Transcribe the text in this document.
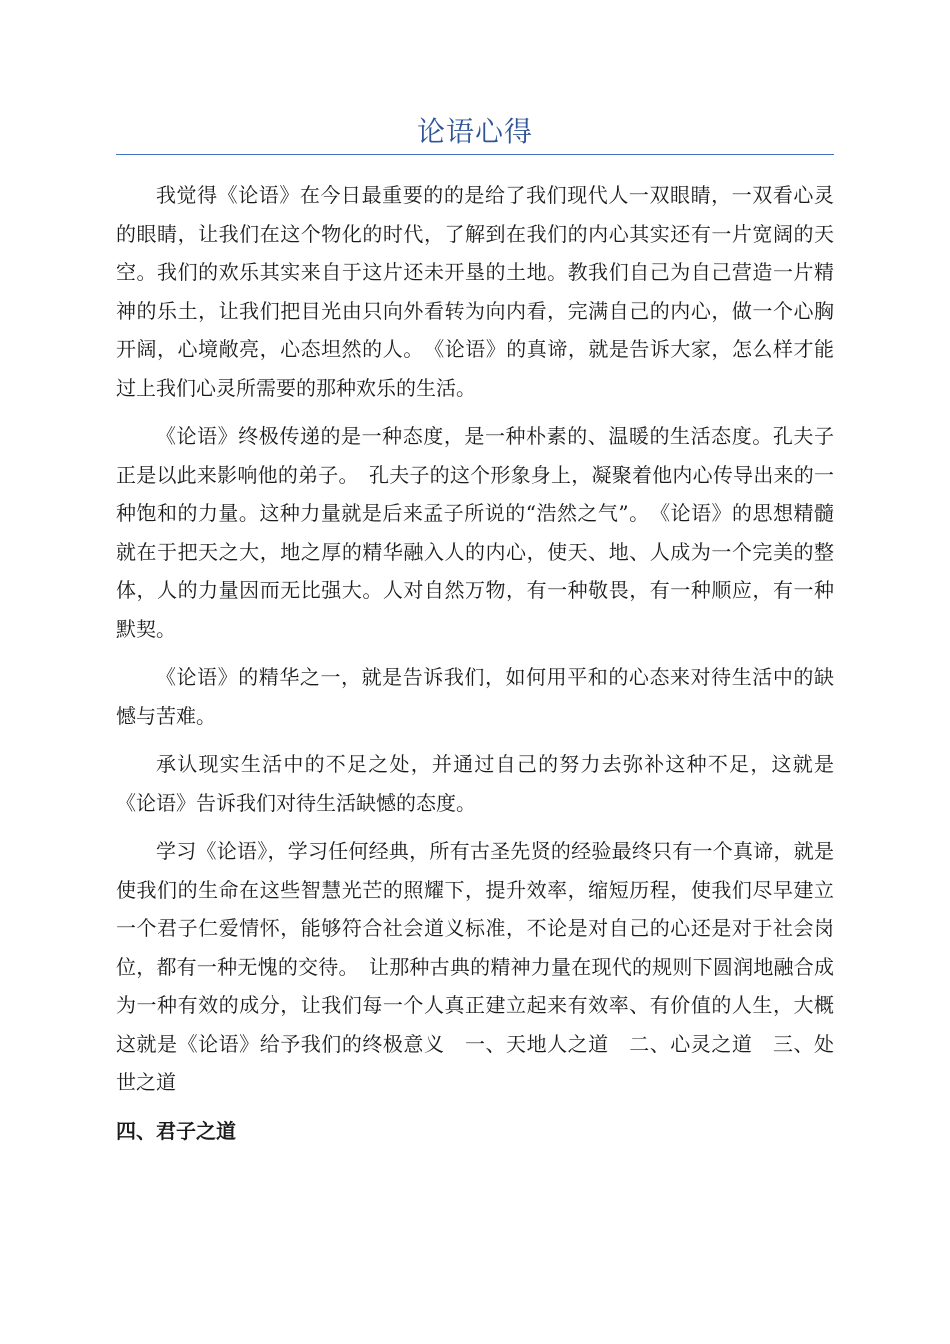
论语心得

我觉得《论语》在今日最重要的的是给了我们现代人一双眼睛，一双看心灵的眼睛，让我们在这个物化的时代，了解到在我们的内心其实还有一片宽阔的天空。我们的欢乐其实来自于这片还未开垦的土地。教我们自己为自己营造一片精神的乐土，让我们把目光由只向外看转为向内看，完满自己的内心，做一个心胸开阔，心境敞亮，心态坦然的人。　《论语》的真谛，就是告诉大家，怎么样才能过上我们心灵所需要的那种欢乐的生活。

《论语》终极传递的是一种态度，是一种朴素的、温暖的生活态度。孔夫子正是以此来影响他的弟子。　孔夫子的这个形象身上，凝聚着他内心传导出来的一种饱和的力量。这种力量就是后来孟子所说的“浩然之气”。　《论语》的思想精髓就在于把天之大，地之厚的精华融入人的内心，使天、地、人成为一个完美的整体，人的力量因而无比强大。人对自然万物，有一种敬畏，有一种顺应，有一种默契。

《论语》的精华之一，就是告诉我们，如何用平和的心态来对待生活中的缺憾与苦难。

承认现实生活中的不足之处，并通过自己的努力去弥补这种不足，这就是《论语》告诉我们对待生活缺憾的态度。

学习《论语》，学习任何经典，所有古圣先贤的经验最终只有一个真谛，就是使我们的生命在这些智慧光芒的照耀下，提升效率，缩短历程，使我们尽早建立一个君子仁爱情怀，能够符合社会道义标准，不论是对自己的心还是对于社会岗位，都有一种无愧的交待。　让那种古典的精神力量在现代的规则下圆润地融合成为一种有效的成分，让我们每一个人真正建立起来有效率、有价值的人生，大概这就是《论语》给予我们的终极意义　一、天地人之道　二、心灵之道　三、处世之道

四、君子之道
